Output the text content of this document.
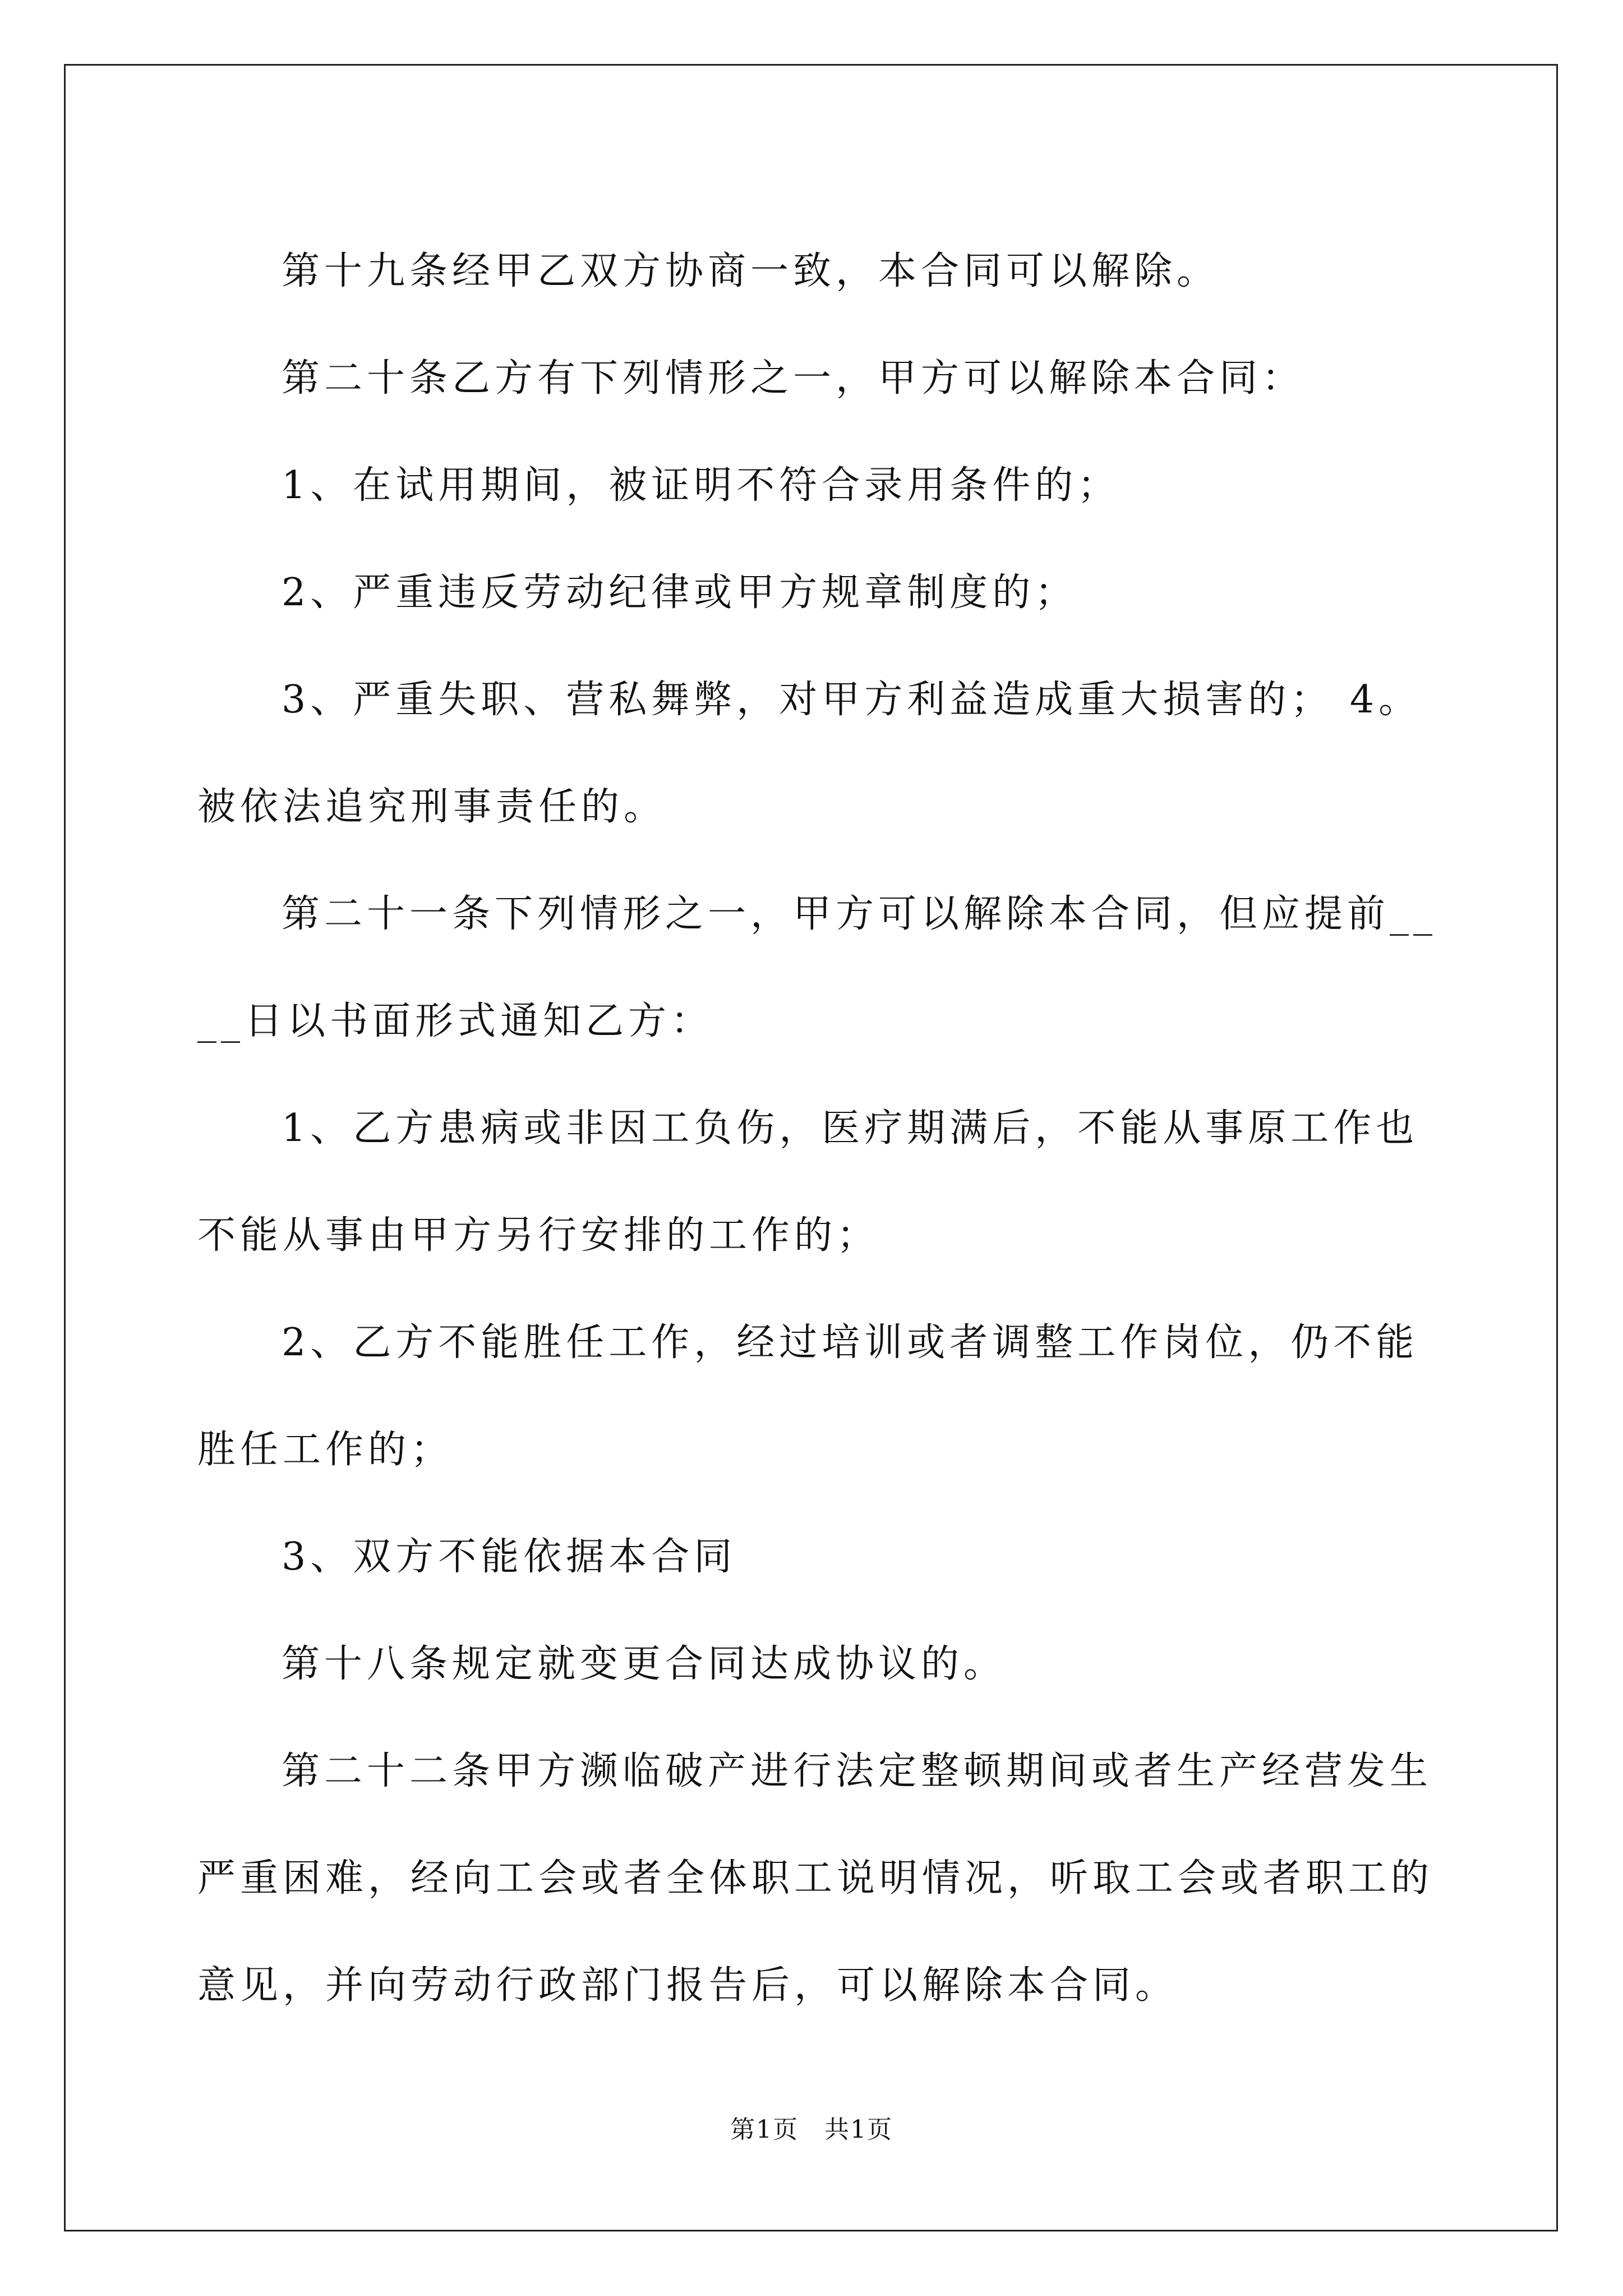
第十九条经甲乙双方协商一致，本合同可以解除。

第二十条乙方有下列情形之一，甲方可以解除本合同：

1、在试用期间，被证明不符合录用条件的；

2、严重违反劳动纪律或甲方规章制度的；

3、严重失职、营私舞弊，对甲方利益造成重大损害的； 4。被依法追究刑事责任的。

第二十一条下列情形之一，甲方可以解除本合同，但应提前____日以书面形式通知乙方：

1、乙方患病或非因工负伤，医疗期满后，不能从事原工作也不能从事由甲方另行安排的工作的；

2、乙方不能胜任工作，经过培训或者调整工作岗位，仍不能胜任工作的；

3、双方不能依据本合同

第十八条规定就变更合同达成协议的。

第二十二条甲方濒临破产进行法定整顿期间或者生产经营发生严重困难，经向工会或者全体职工说明情况，听取工会或者职工的意见，并向劳动行政部门报告后，可以解除本合同。

第1页　共1页
